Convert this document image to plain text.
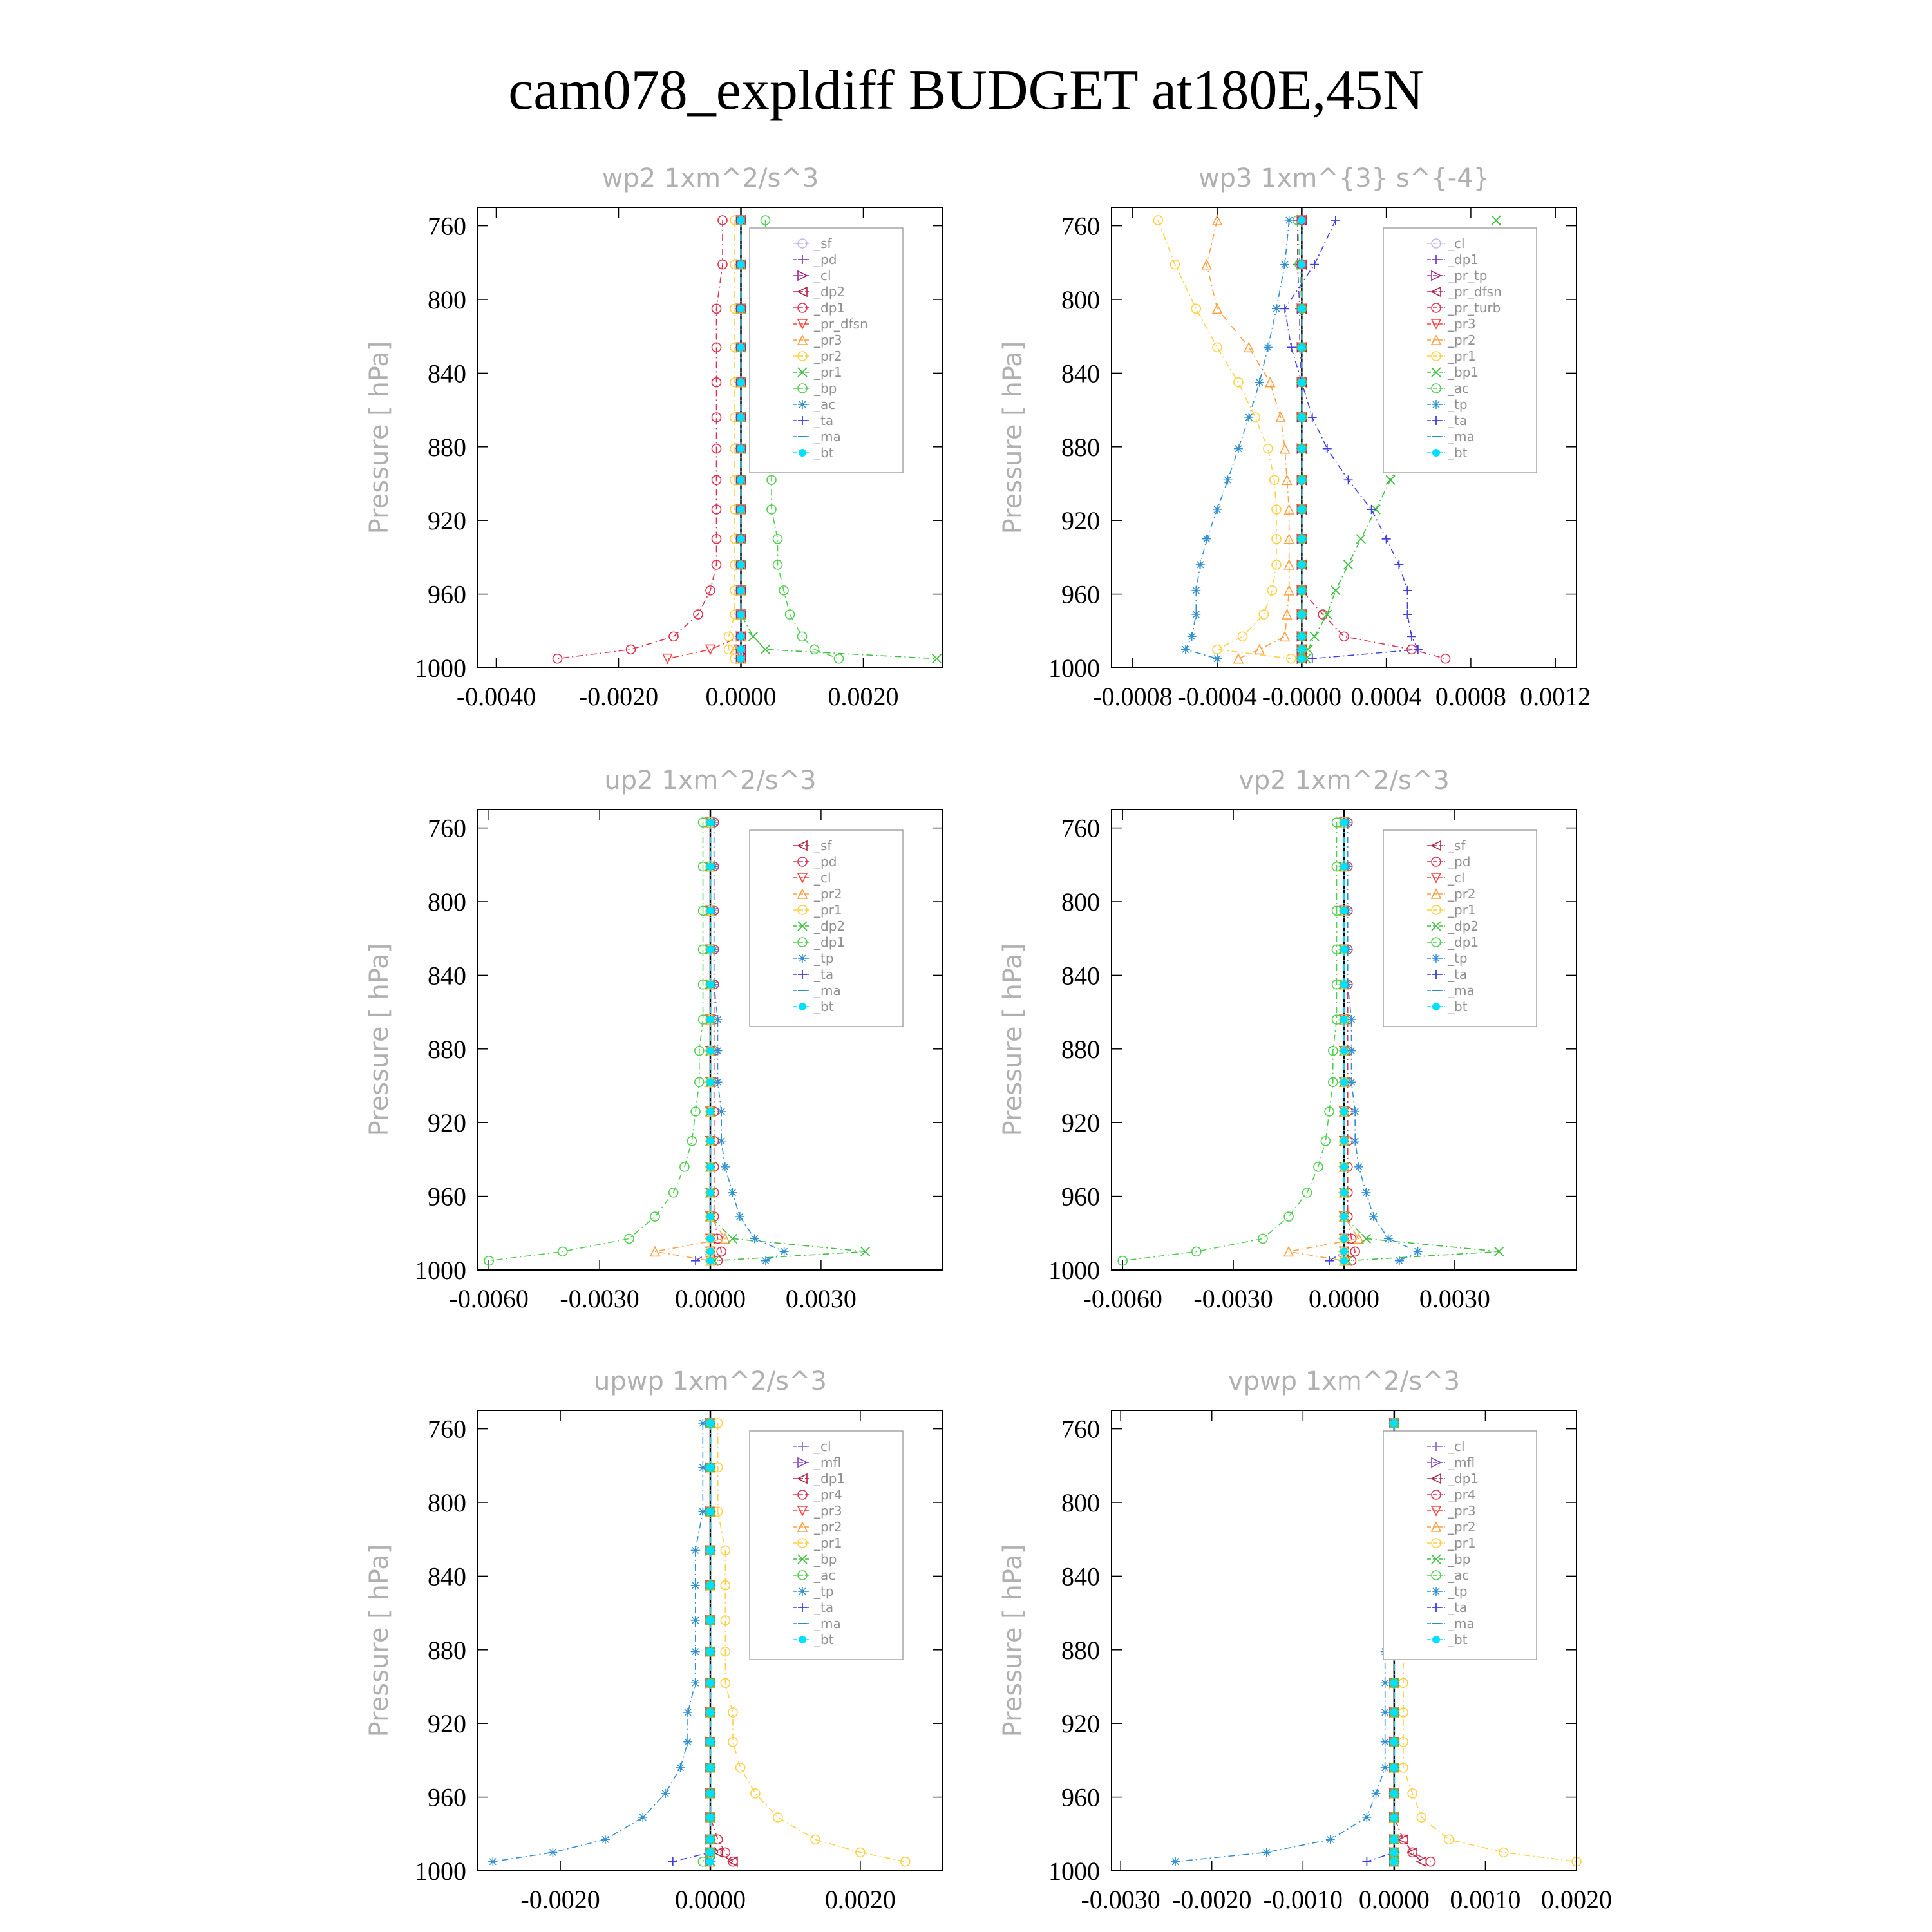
cam078_expldiff BUDGET at180E,45N
wp2 1xm^2/s^3
Pressure [ hPa]
760
800
840
880
920
960
1000
-0.0040 -0.0020 0.0000 0.0020
_sf
_pd
_cl
_dp2
_dp1
_pr_dfsn
_pr3
_pr2
_pr1
_bp
_ac
_ta
_ma
_bt
wp3 1xm^{3} s^{-4}
Pressure [ hPa]
760
800
840
880
920
960
1000
-0.0008 -0.0004 -0.0000 0.0004 0.0008 0.0012
_cl
_dp1
_pr_tp
_pr_dfsn
_pr_turb
_pr3
_pr2
_pr1
_bp1
_ac
_tp
_ta
_ma
_bt
up2 1xm^2/s^3
Pressure [ hPa]
760
800
840
880
920
960
1000
-0.0060 -0.0030 0.0000 0.0030
_sf
_pd
_cl
_pr2
_pr1
_dp2
_dp1
_tp
_ta
_ma
_bt
vp2 1xm^2/s^3
Pressure [ hPa]
760
800
840
880
920
960
1000
-0.0060 -0.0030 0.0000 0.0030
_sf
_pd
_cl
_pr2
_pr1
_dp2
_dp1
_tp
_ta
_ma
_bt
upwp 1xm^2/s^3
Pressure [ hPa]
760
800
840
880
920
960
1000
-0.0020	0.0000	0.0020
_cl
_mfl
_dp1
_pr4
_pr3
_pr2
_pr1
_bp
_ac
_tp
_ta
_ma
_bt
vpwp 1xm^2/s^3
Pressure [ hPa]
760
800
840
880
920
960
1000
-0.0030 -0.0020 -0.0010 0.0000 0.0010 0.0020
_cl
_mfl
_dp1
_pr4
_pr3
_pr2
_pr1
_bp
_ac
_tp
_ta
_ma
_bt
